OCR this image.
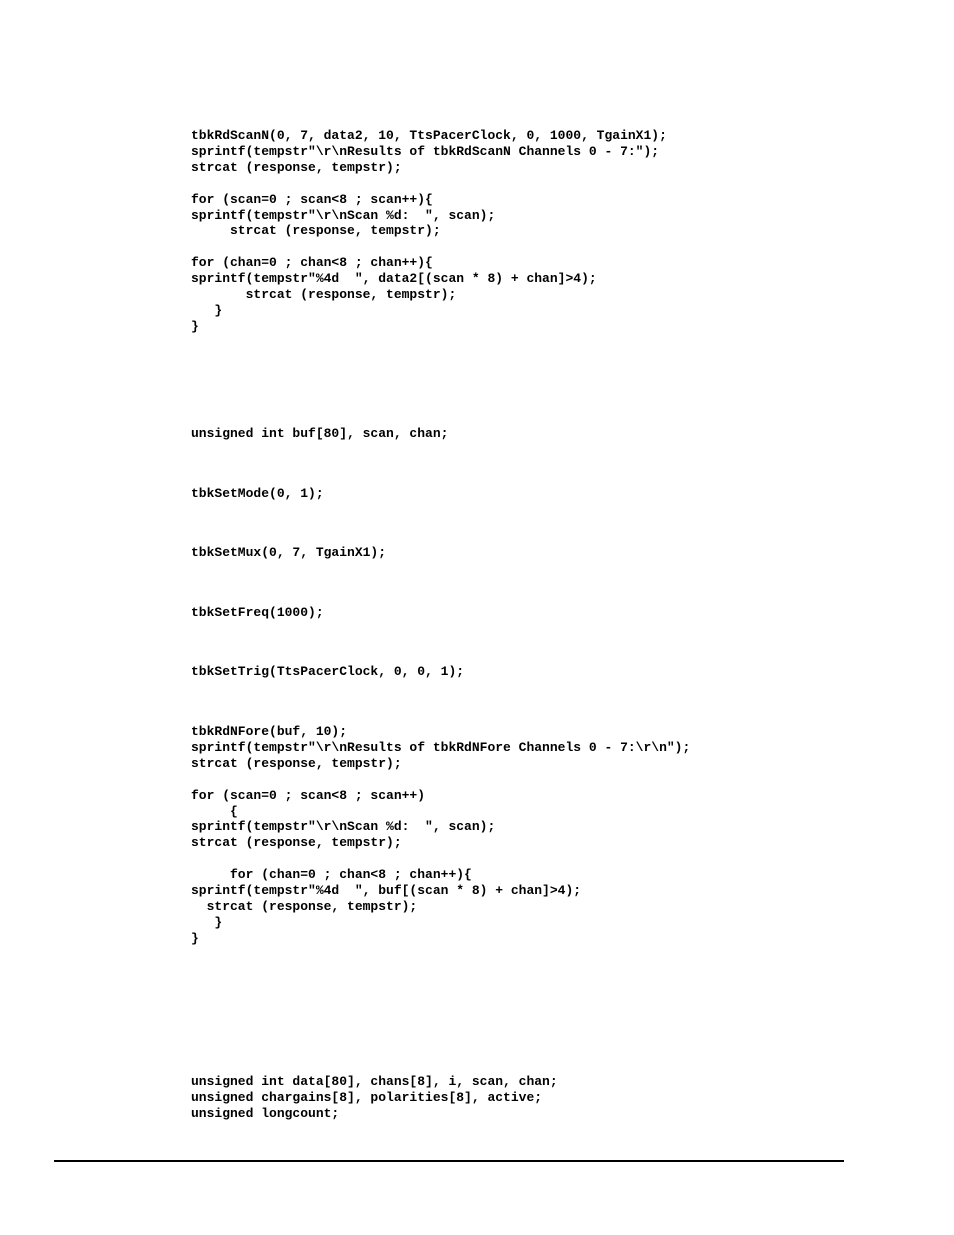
tbkRdScanN(0, 7, data2, 10, TtsPacerClock, 0, 1000, TgainX1);
sprintf(tempstr"\r\nResults of tbkRdScanN Channels 0 - 7:");
strcat (response, tempstr);

for (scan=0 ; scan<8 ; scan++){
sprintf(tempstr"\r\nScan %d:  ", scan);
strcat (response, tempstr);

for (chan=0 ; chan<8 ; chan++){
sprintf(tempstr"%4d  ", data2[(scan * 8) + chan]>4);
strcat (response, tempstr);
}
}
unsigned int buf[80], scan, chan;
tbkSetMode(0, 1);
tbkSetMux(0, 7, TgainX1);
tbkSetFreq(1000);
tbkSetTrig(TtsPacerClock, 0, 0, 1);
tbkRdNFore(buf, 10);
sprintf(tempstr"\r\nResults of tbkRdNFore Channels 0 - 7:\r\n");
strcat (response, tempstr);

for (scan=0 ; scan<8 ; scan++)
{
sprintf(tempstr"\r\nScan %d:  ", scan);
strcat (response, tempstr);

for (chan=0 ; chan<8 ; chan++){
sprintf(tempstr"%4d  ", buf[(scan * 8) + chan]>4);
strcat (response, tempstr);
}
}
unsigned int data[80], chans[8], i, scan, chan;
unsigned chargains[8], polarities[8], active;
unsigned longcount;
